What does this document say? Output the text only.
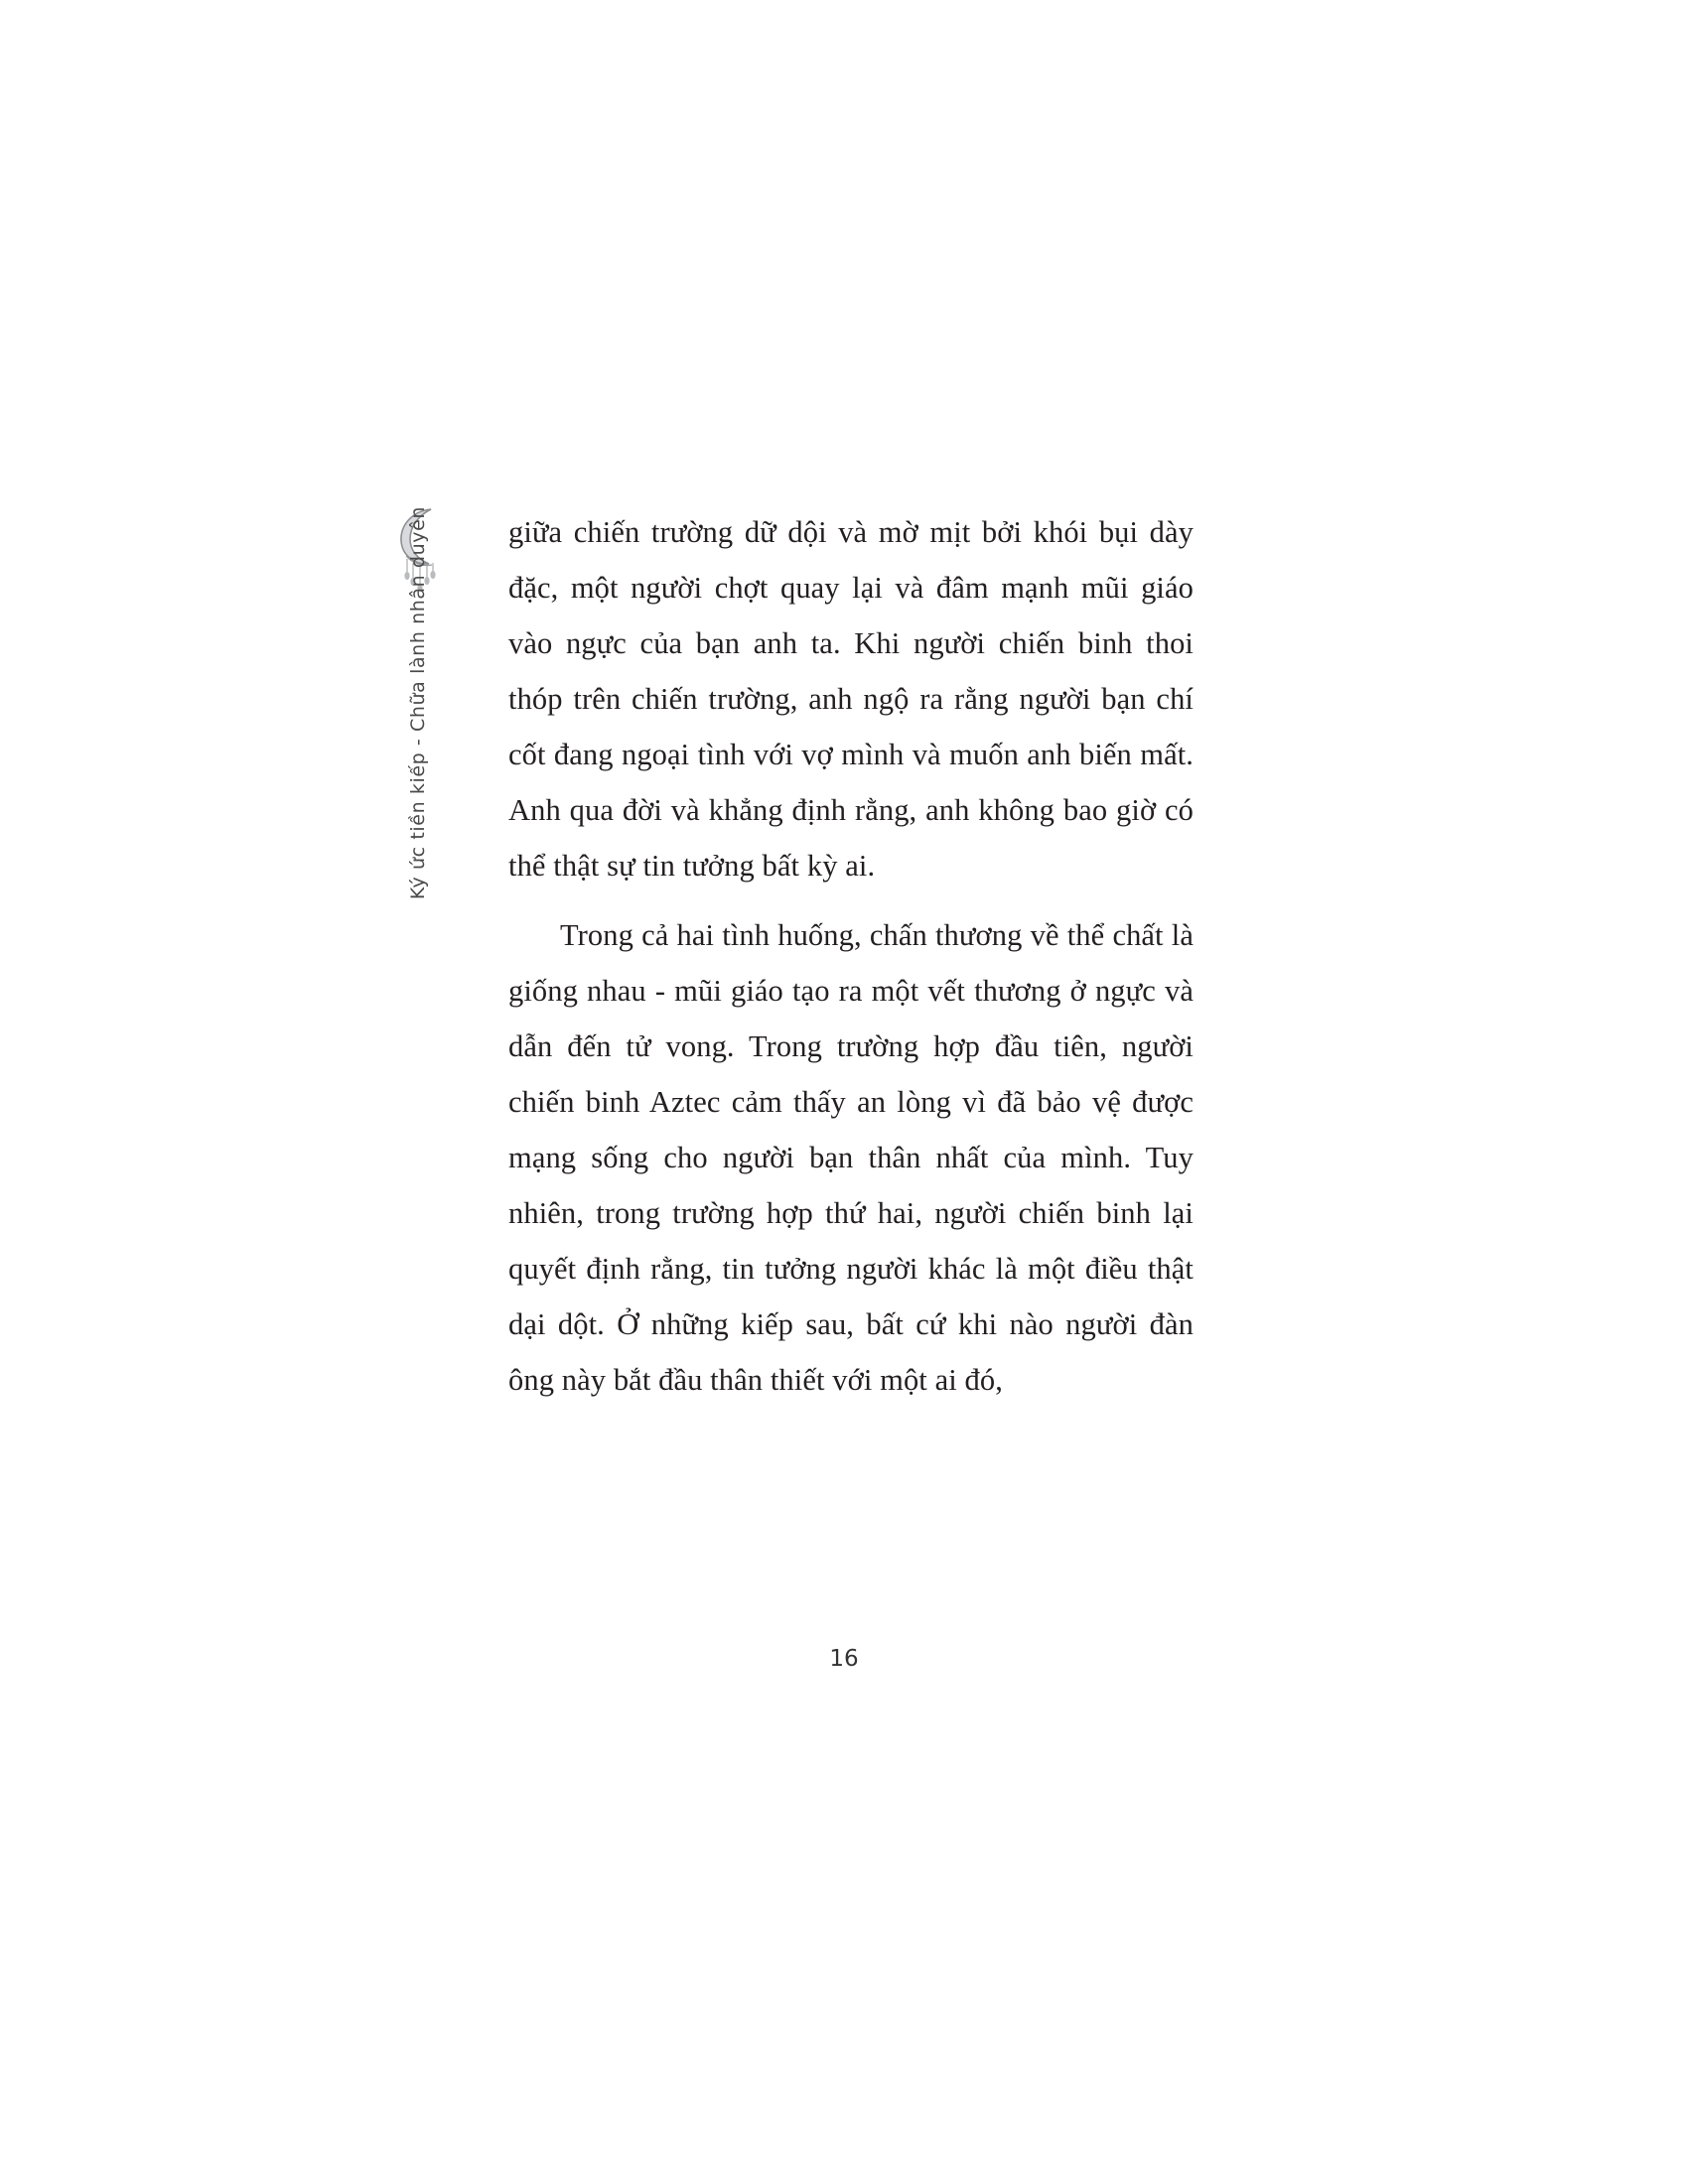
Ký ức tiền kiếp - Chữa lành nhân duyên	giữa chiến trường dữ dội và mờ mịt bởi khói bụi dày đặc, một người chợt quay lại và đâm mạnh mũi giáo vào ngực của bạn anh ta. Khi người chiến binh thoi thóp trên chiến trường, anh ngộ ra rằng người bạn chí cốt đang ngoại tình với vợ mình và muốn anh biến mất. Anh qua đời và khẳng định rằng, anh không bao giờ có thể thật sự tin tưởng bất kỳ ai.

Trong cả hai tình huống, chấn thương về thể chất là giống nhau - mũi giáo tạo ra một vết thương ở ngực và dẫn đến tử vong. Trong trường hợp đầu tiên, người chiến binh Aztec cảm thấy an lòng vì đã bảo vệ được mạng sống cho người bạn thân nhất của mình. Tuy nhiên, trong trường hợp thứ hai, người chiến binh lại quyết định rằng, tin tưởng người khác là một điều thật dại dột. Ở những kiếp sau, bất cứ khi nào người đàn ông này bắt đầu thân thiết với một ai đó,

16
